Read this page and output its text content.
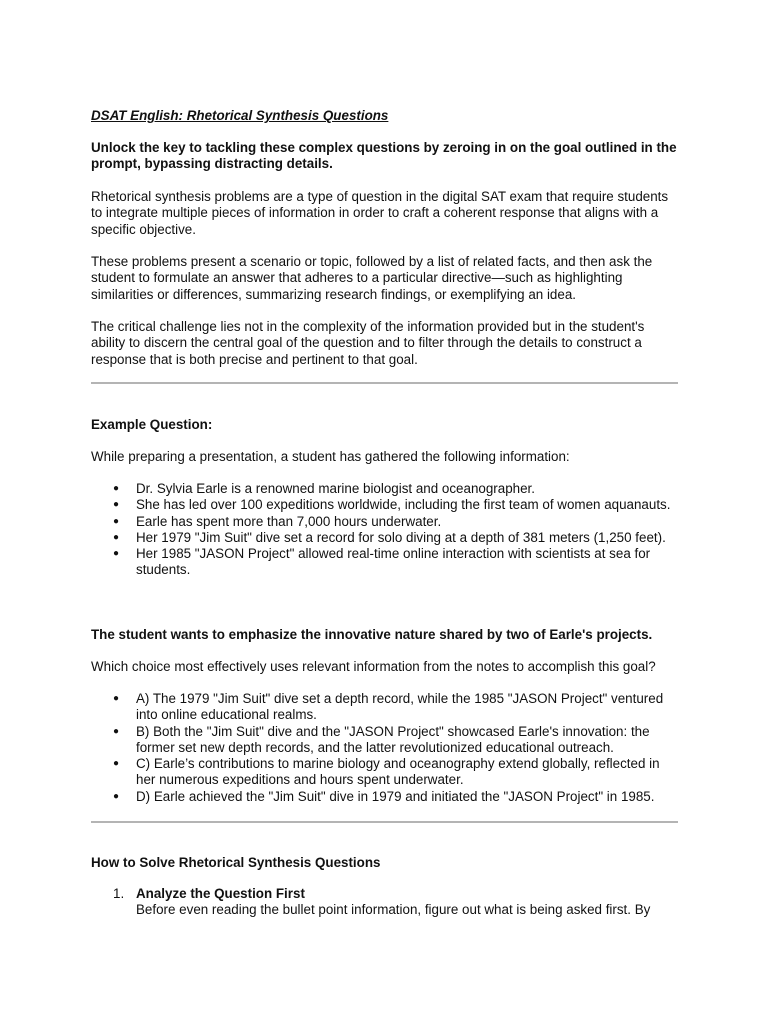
DSAT English: Rhetorical Synthesis Questions
Unlock the key to tackling these complex questions by zeroing in on the goal outlined in the prompt, bypassing distracting details.
Rhetorical synthesis problems are a type of question in the digital SAT exam that require students to integrate multiple pieces of information in order to craft a coherent response that aligns with a specific objective.
These problems present a scenario or topic, followed by a list of related facts, and then ask the student to formulate an answer that adheres to a particular directive—such as highlighting similarities or differences, summarizing research findings, or exemplifying an idea.
The critical challenge lies not in the complexity of the information provided but in the student's ability to discern the central goal of the question and to filter through the details to construct a response that is both precise and pertinent to that goal.
Example Question:
While preparing a presentation, a student has gathered the following information:
● Dr. Sylvia Earle is a renowned marine biologist and oceanographer.
● She has led over 100 expeditions worldwide, including the first team of women aquanauts.
● Earle has spent more than 7,000 hours underwater.
● Her 1979 "Jim Suit" dive set a record for solo diving at a depth of 381 meters (1,250 feet).
● Her 1985 "JASON Project" allowed real-time online interaction with scientists at sea for students.
The student wants to emphasize the innovative nature shared by two of Earle's projects.
Which choice most effectively uses relevant information from the notes to accomplish this goal?
● A) The 1979 "Jim Suit" dive set a depth record, while the 1985 "JASON Project" ventured into online educational realms.
● B) Both the "Jim Suit" dive and the "JASON Project" showcased Earle's innovation: the former set new depth records, and the latter revolutionized educational outreach.
● C) Earle’s contributions to marine biology and oceanography extend globally, reflected in her numerous expeditions and hours spent underwater.
● D) Earle achieved the "Jim Suit" dive in 1979 and initiated the "JASON Project" in 1985.
How to Solve Rhetorical Synthesis Questions
1. Analyze the Question First
Before even reading the bullet point information, figure out what is being asked first. By
